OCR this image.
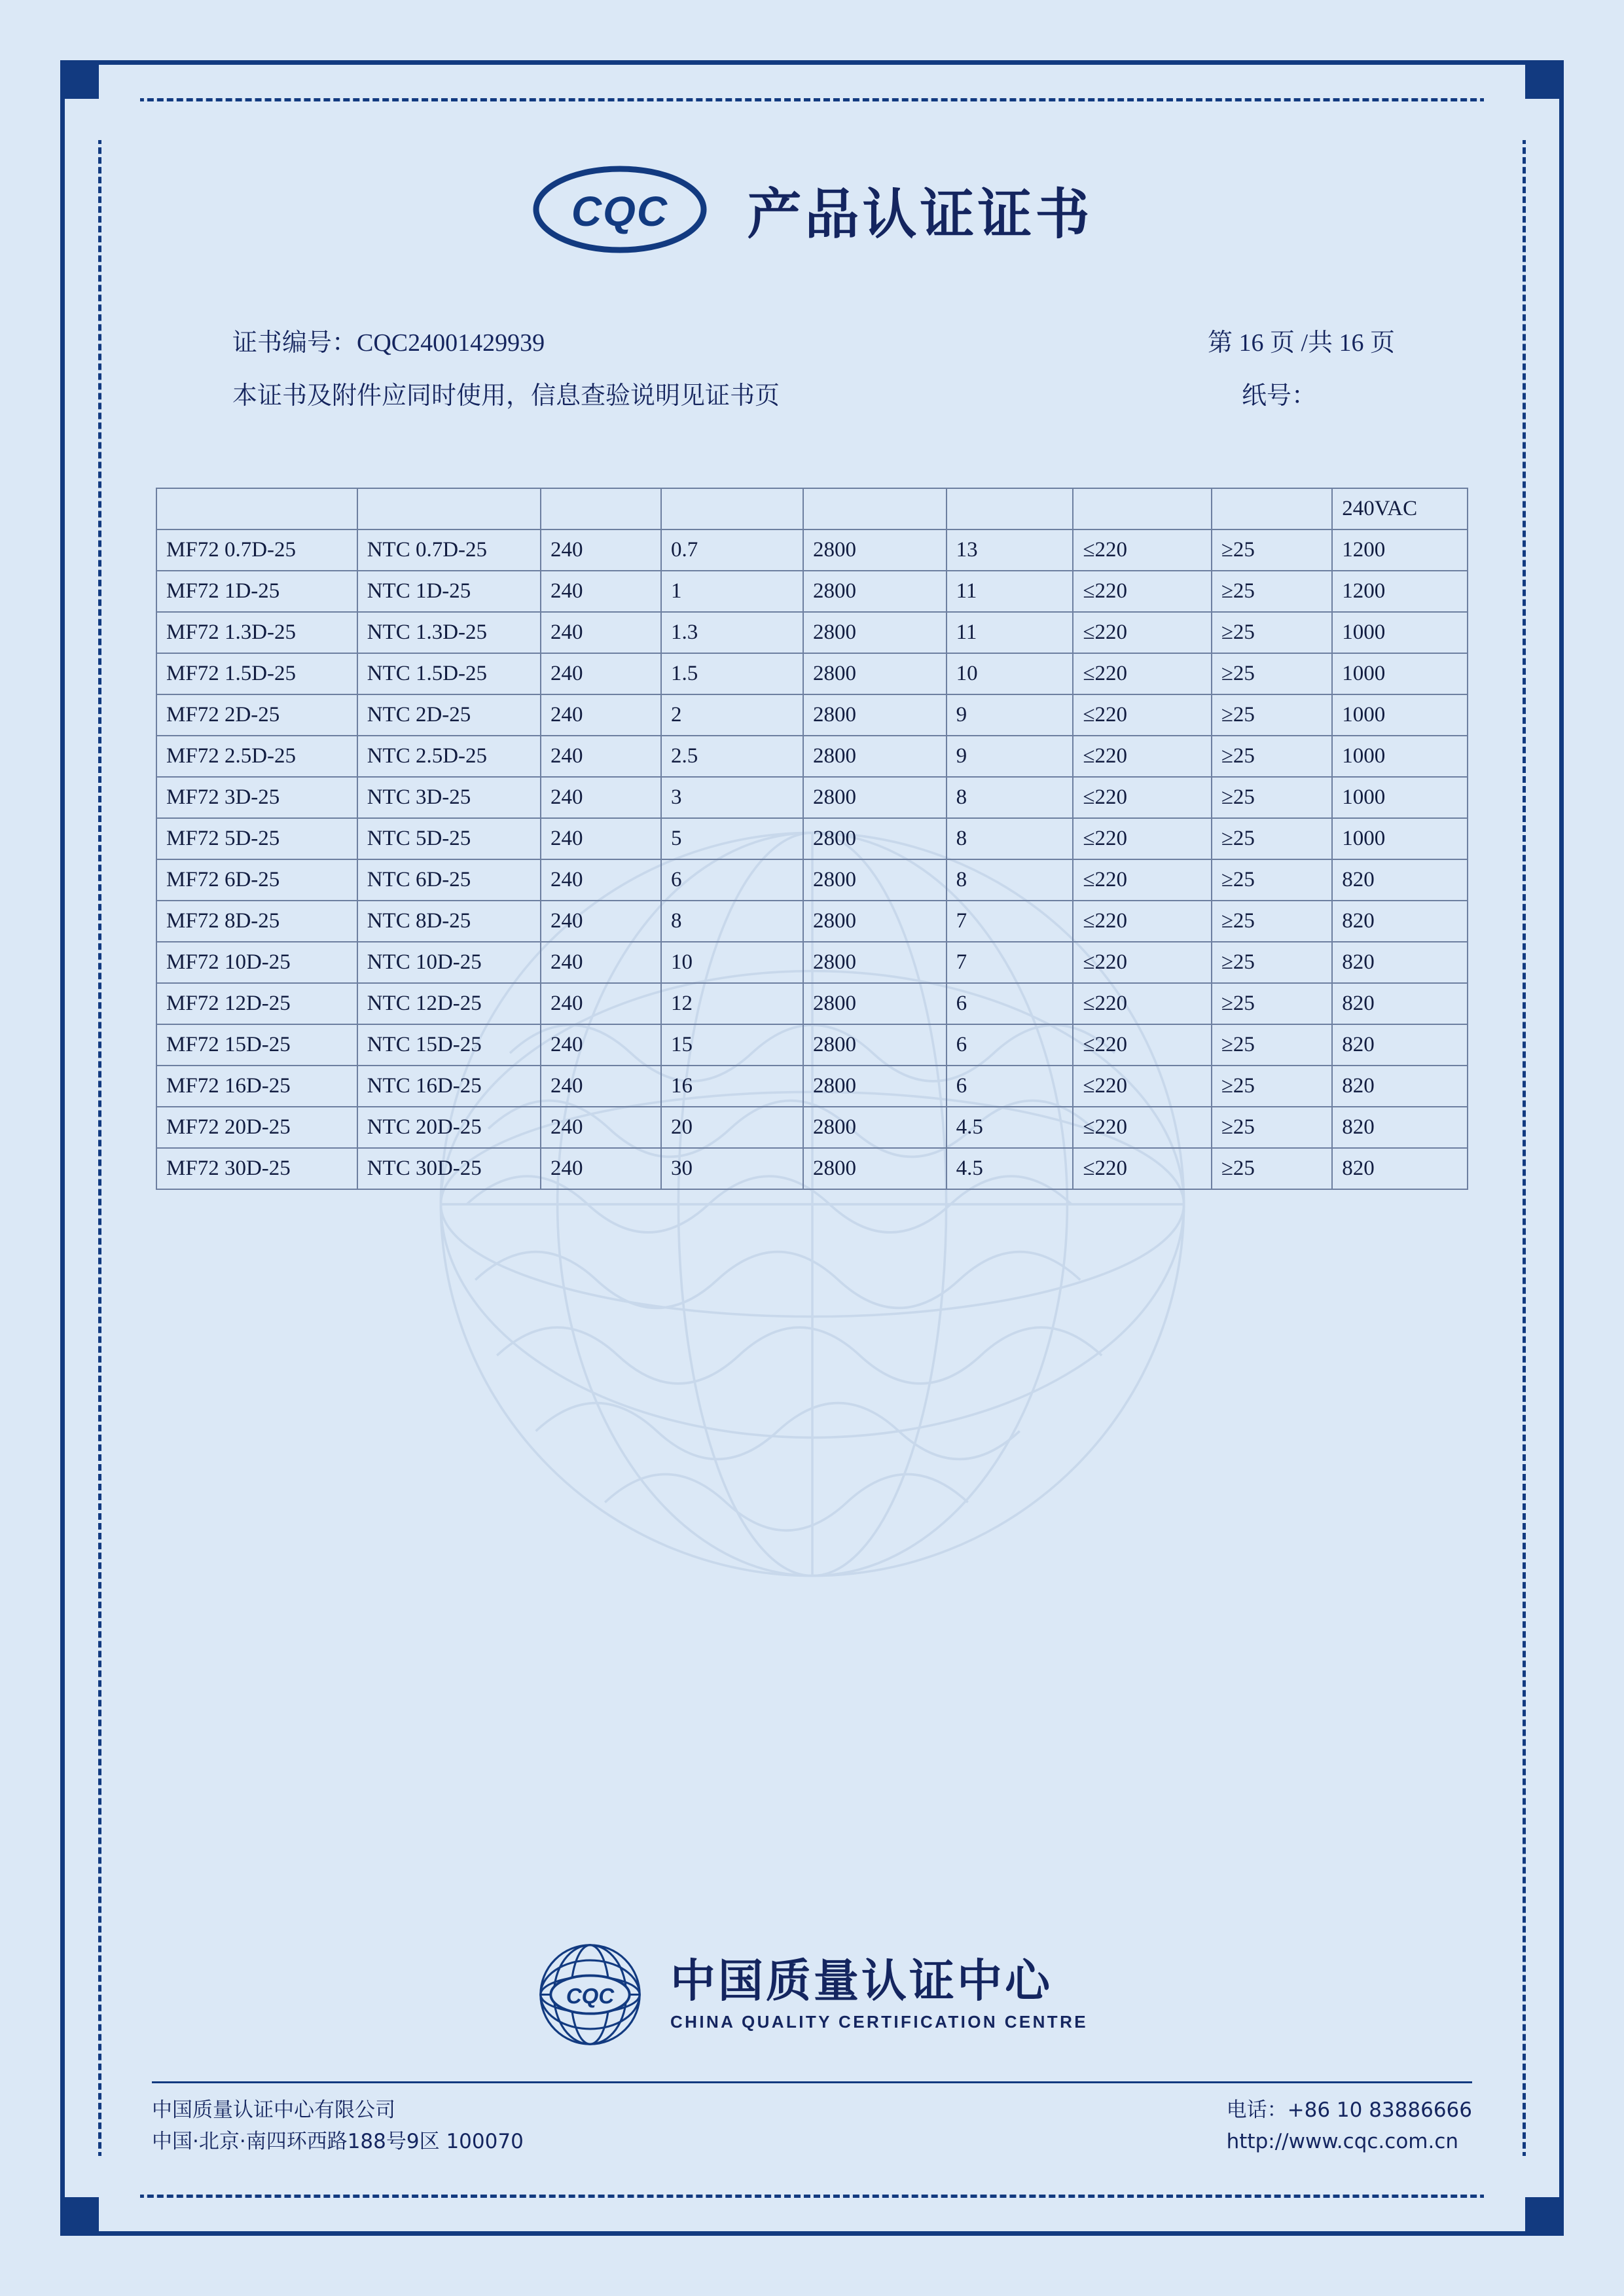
CQC 产品认证证书
证书编号：CQC24001429939	第 16 页 /共 16 页
本证书及附件应同时使用，信息查验说明见证书页	纸号：
								240VAC
MF72 0.7D-25	NTC 0.7D-25	240	0.7	2800	13	≤220	≥25	1200
MF72 1D-25	NTC 1D-25	240	1	2800	11	≤220	≥25	1200
MF72 1.3D-25	NTC 1.3D-25	240	1.3	2800	11	≤220	≥25	1000
MF72 1.5D-25	NTC 1.5D-25	240	1.5	2800	10	≤220	≥25	1000
MF72 2D-25	NTC 2D-25	240	2	2800	9	≤220	≥25	1000
MF72 2.5D-25	NTC 2.5D-25	240	2.5	2800	9	≤220	≥25	1000
MF72 3D-25	NTC 3D-25	240	3	2800	8	≤220	≥25	1000
MF72 5D-25	NTC 5D-25	240	5	2800	8	≤220	≥25	1000
MF72 6D-25	NTC 6D-25	240	6	2800	8	≤220	≥25	820
MF72 8D-25	NTC 8D-25	240	8	2800	7	≤220	≥25	820
MF72 10D-25	NTC 10D-25	240	10	2800	7	≤220	≥25	820
MF72 12D-25	NTC 12D-25	240	12	2800	6	≤220	≥25	820
MF72 15D-25	NTC 15D-25	240	15	2800	6	≤220	≥25	820
MF72 16D-25	NTC 16D-25	240	16	2800	6	≤220	≥25	820
MF72 20D-25	NTC 20D-25	240	20	2800	4.5	≤220	≥25	820
MF72 30D-25	NTC 30D-25	240	30	2800	4.5	≤220	≥25	820
CQC 中国质量认证中心
CHINA QUALITY CERTIFICATION CENTRE
中国质量认证中心有限公司
中国·北京·南四环西路188号9区 100070
电话：+86 10 83886666
http://www.cqc.com.cn
